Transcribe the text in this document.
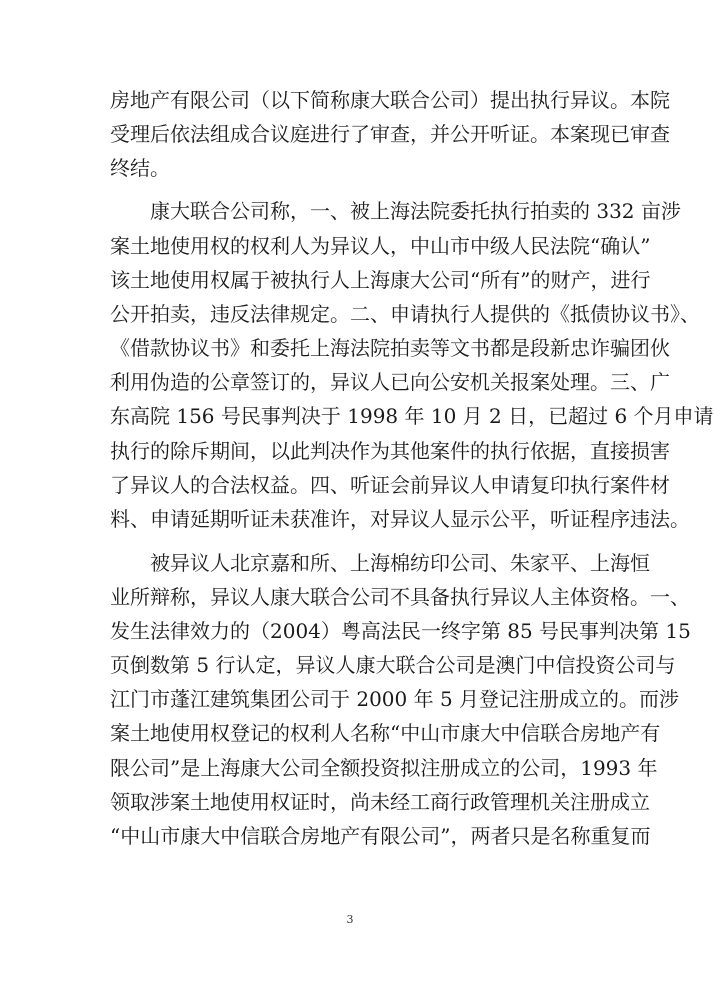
房地产有限公司（以下简称康大联合公司）提出执行异议。本院
受理后依法组成合议庭进行了审查，并公开听证。本案现已审查
终结。
康大联合公司称，一、被上海法院委托执行拍卖的 332 亩涉
案土地使用权的权利人为异议人，中山市中级人民法院“确认”
该土地使用权属于被执行⼈上海康大公司“所有”的财产，进行
公开拍卖，违反法律规定。二、申请执行人提供的《抵债协议书》、
《借款协议书》和委托上海法院拍卖等文书都是段新忠诈骗团伙
利用伪造的公章签订的，异议人已向公安机关报案处理。三、广
东高院 156 号民事判决于 1998 年 10 月 2 日，已超过 6 个月申请
执行的除斥期间，以此判决作为其他案件的执行依据，直接损害
了异议人的合法权益。四、听证会前异议人申请复印执行案件材
料、申请延期听证未获准许，对异议人显示公平，听证程序违法。
被异议人北京嘉和所、上海棉纺印公司、朱家平、上海恒
业所辩称，异议人康大联合公司不具备执行异议人主体资格。一、
发生法律效力的（2004）粤高法民一终字第 85 号民事判决第 15
页倒数第 5 行认定，异议人康大联合公司是澳门中信投资公司与
江门市蓬江建筑集团公司于 2000 年 5 月登记注册成立的。而涉
案土地使用权登记的权利人名称“中山市康大中信联合房地产有
限公司”是上海康大公司全额投资拟注册成立的公司，1993 年
领取涉案土地使用权证时，尚未经工商行政管理机关注册成立
“中山市康大中信联合房地产有限公司”，两者只是名称重复而
3
